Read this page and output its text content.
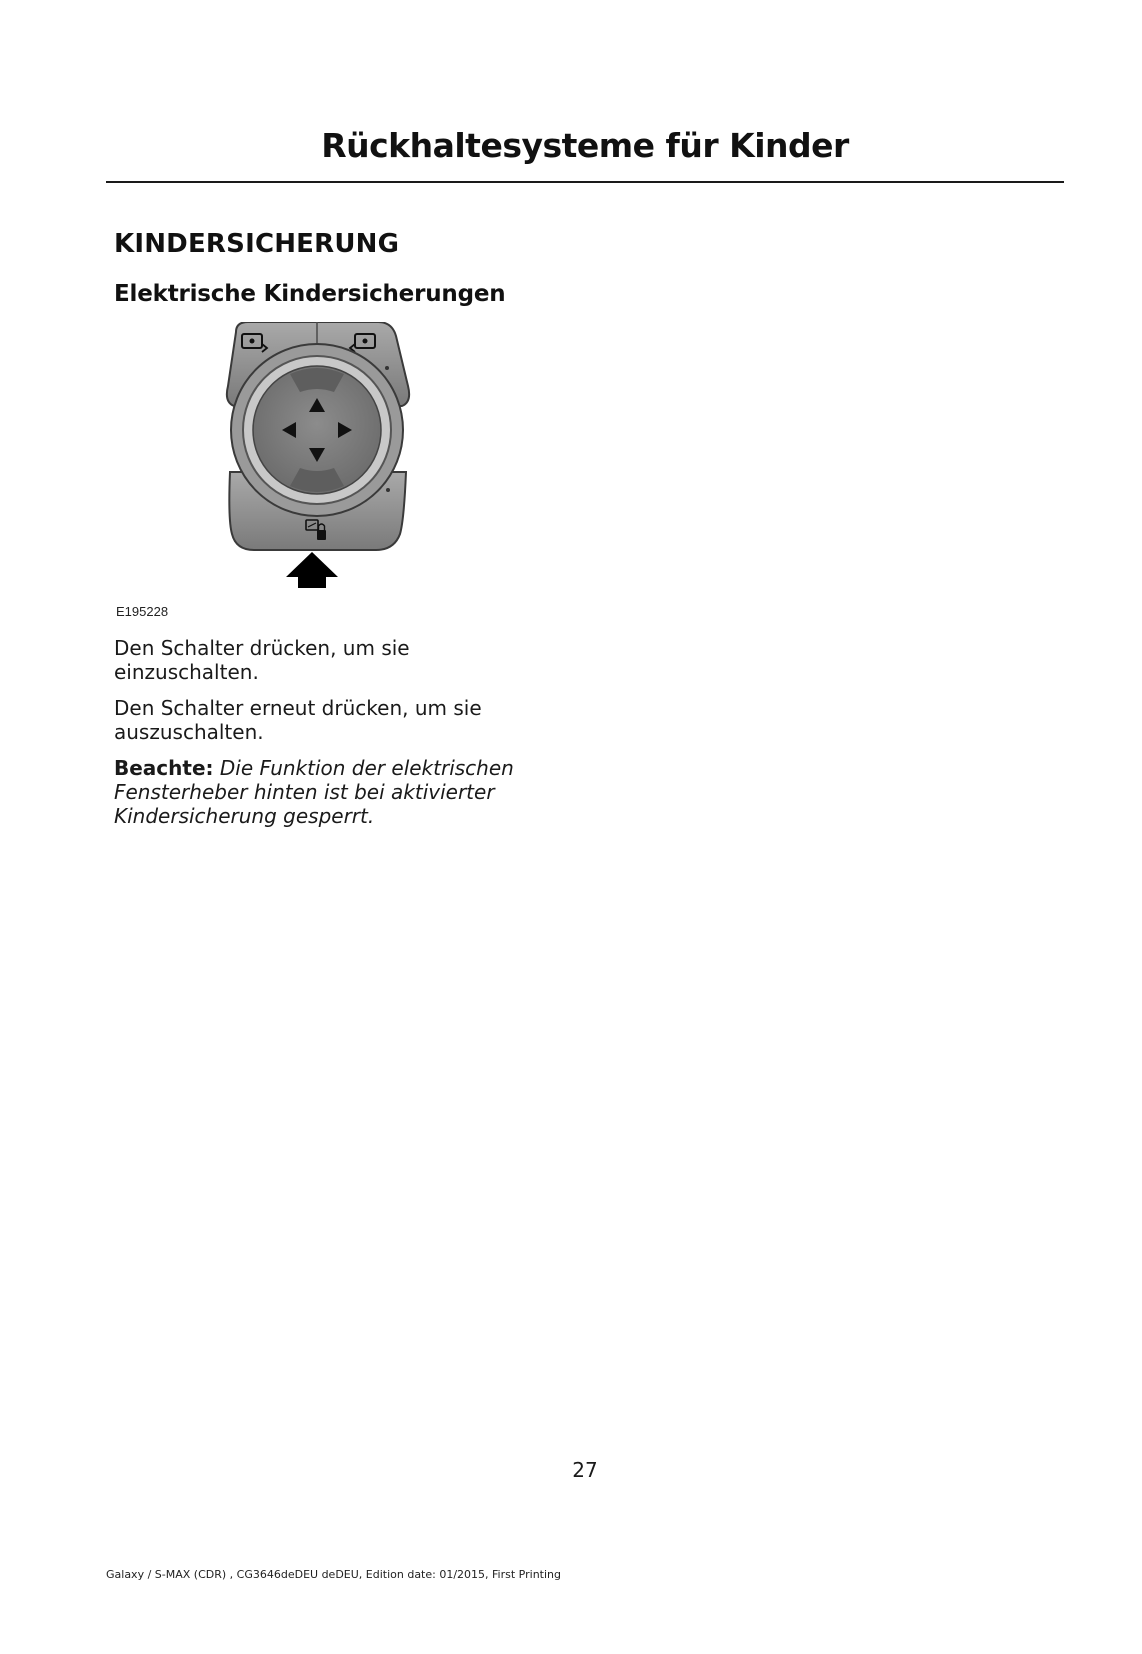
Rückhaltesysteme für Kinder
KINDERSICHERUNG
Elektrische Kindersicherungen
E195228

Den Schalter drücken, um sie einzuschalten.

Den Schalter erneut drücken, um sie auszuschalten.

Beachte: Die Funktion der elektrischen Fensterheber hinten ist bei aktivierter Kindersicherung gesperrt.

27
Galaxy / S-MAX (CDR) , CG3646deDEU deDEU, Edition date: 01/2015, First Printing
